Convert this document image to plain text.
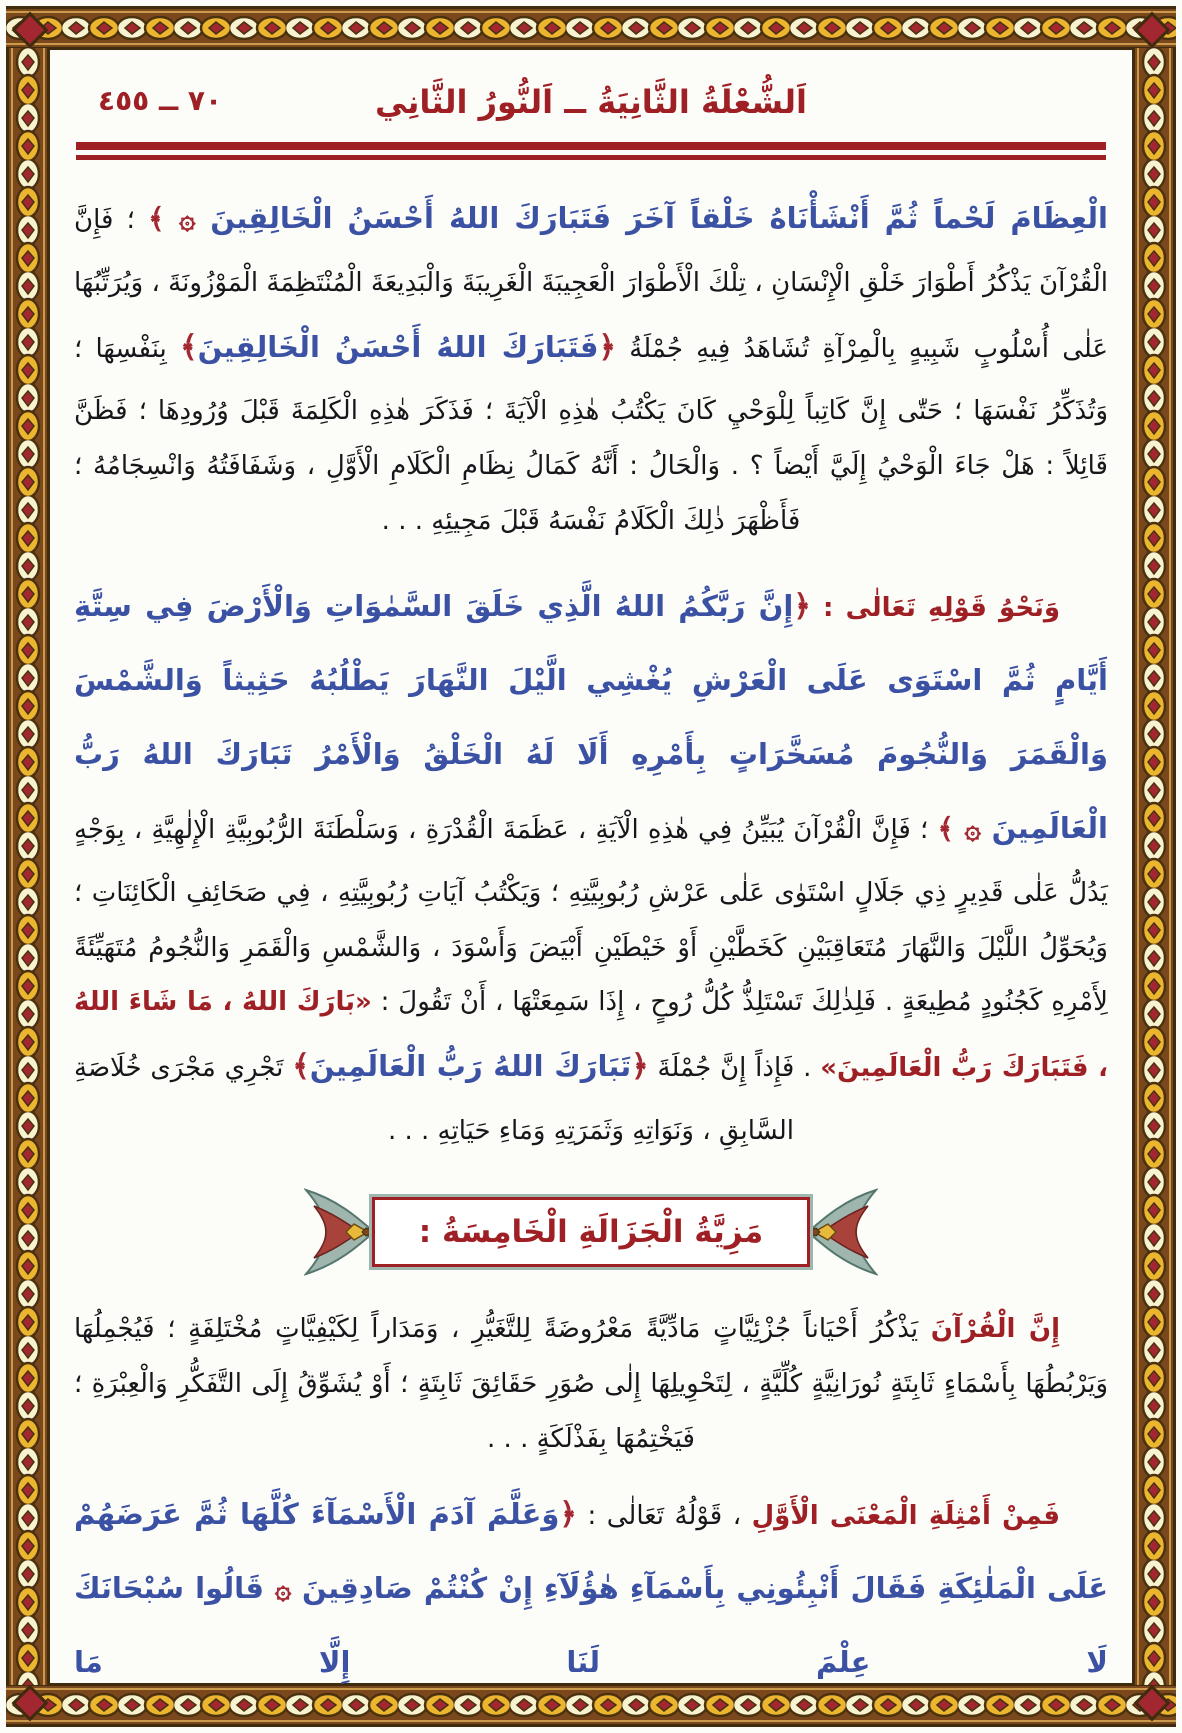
٧٠ ــ ٤٥٥	اَلشُّعْلَةُ الثَّانِيَةُ ــ اَلنُّورُ الثَّانِي

الْعِظَامَ لَحْماً ثُمَّ أَنْشَأْنَاهُ خَلْقاً آخَرَ فَتَبَارَكَ اللهُ أَحْسَنُ الْخَالِقِينَ ۞ ﴾ ؛ فَإِنَّ الْقُرْآنَ يَذْكُرُ أَطْوَارَ خَلْقِ الْإِنْسَانِ ، تِلْكَ الْأَطْوَارَ الْعَجِيبَةَ الْغَرِيبَةَ وَالْبَدِيعَةَ الْمُنْتَظِمَةَ الْمَوْزُونَةَ ، وَيُرَتِّبُهَا عَلٰى أُسْلُوبٍ شَبِيهٍ بِالْمِرْآةِ تُشَاهَدُ فِيهِ جُمْلَةُ ﴿فَتَبَارَكَ اللهُ أَحْسَنُ الْخَالِقِينَ﴾ بِنَفْسِهَا ؛ وَتُذَكِّرُ نَفْسَهَا ؛ حَتّٰى إِنَّ كَاتِباً لِلْوَحْيِ كَانَ يَكْتُبُ هٰذِهِ الْآيَةَ ؛ فَذَكَرَ هٰذِهِ الْكَلِمَةَ قَبْلَ وُرُودِهَا ؛ فَظَنَّ قَائِلاً : هَلْ جَاءَ الْوَحْيُ إِلَيَّ أَيْضاً ؟ . وَالْحَالُ : أَنَّهُ كَمَالُ نِظَامِ الْكَلَامِ الْأَوَّلِ ، وَشَفَافَتُهُ وَانْسِجَامُهُ ؛ فَأَظْهَرَ ذٰلِكَ الْكَلَامُ نَفْسَهُ قَبْلَ مَجِيئِهِ . . .

وَنَحْوُ قَوْلِهِ تَعَالٰى : ﴿إِنَّ رَبَّكُمُ اللهُ الَّذِي خَلَقَ السَّمٰوَاتِ وَالْأَرْضَ فِي سِتَّةِ أَيَّامٍ ثُمَّ اسْتَوَى عَلَى الْعَرْشِ يُغْشِي الَّيْلَ النَّهَارَ يَطْلُبُهُ حَثِيثاً وَالشَّمْسَ وَالْقَمَرَ وَالنُّجُومَ مُسَخَّرَاتٍ بِأَمْرِهِ أَلَا لَهُ الْخَلْقُ وَالْأَمْرُ تَبَارَكَ اللهُ رَبُّ الْعَالَمِينَ ۞ ﴾ ؛ فَإِنَّ الْقُرْآنَ يُبَيِّنُ فِي هٰذِهِ الْآيَةِ ، عَظَمَةَ الْقُدْرَةِ ، وَسَلْطَنَةَ الرُّبُوبِيَّةِ الْإِلٰهِيَّةِ ، بِوَجْهٍ يَدُلُّ عَلٰى قَدِيرٍ ذِي جَلَالٍ اسْتَوٰى عَلٰى عَرْشِ رُبُوبِيَّتِهِ ؛ وَيَكْتُبُ آيَاتِ رُبُوبِيَّتِهِ ، فِي صَحَائِفِ الْكَائِنَاتِ ؛ وَيُحَوِّلُ اللَّيْلَ وَالنَّهَارَ مُتَعَاقِبَيْنِ كَخَطَّيْنِ أَوْ خَيْطَيْنِ أَبْيَضَ وَأَسْوَدَ ، وَالشَّمْسِ وَالْقَمَرِ وَالنُّجُومُ مُتَهَيِّئَةً لِأَمْرِهِ كَجُنُودٍ مُطِيعَةٍ . فَلِذٰلِكَ تَسْتَلِذُّ كُلُّ رُوحٍ ، إِذَا سَمِعَتْهَا ، أَنْ تَقُولَ : «بَارَكَ اللهُ ، مَا شَاءَ اللهُ ، فَتَبَارَكَ رَبُّ الْعَالَمِينَ» . فَإِذاً إِنَّ جُمْلَةَ ﴿تَبَارَكَ اللهُ رَبُّ الْعَالَمِينَ﴾ تَجْرِي مَجْرَى خُلَاصَةِ السَّابِقِ ، وَنَوَاتِهِ وَثَمَرَتِهِ وَمَاءِ حَيَاتِهِ . . .

مَزِيَّةُ الْجَزَالَةِ الْخَامِسَةُ :

إِنَّ الْقُرْآنَ يَذْكُرُ أَحْيَاناً جُزْئِيَّاتٍ مَادِّيَّةً مَعْرُوضَةً لِلتَّغَيُّرِ ، وَمَدَاراً لِكَيْفِيَّاتٍ مُخْتَلِفَةٍ ؛ فَيُجْمِلُهَا وَيَرْبُطُهَا بِأَسْمَاءٍ ثَابِتَةٍ نُورَانِيَّةٍ كُلِّيَّةٍ ، لِتَحْوِيلِهَا إِلٰى صُوَرِ حَقَائِقَ ثَابِتَةٍ ؛ أَوْ يُشَوِّقُ إِلَى التَّفَكُّرِ وَالْعِبْرَةِ ؛ فَيَخْتِمُهَا بِفَذْلَكَةٍ . . .

فَمِنْ أَمْثِلَةِ الْمَعْنَى الْأَوَّلِ ، قَوْلُهُ تَعَالٰى : ﴿وَعَلَّمَ آدَمَ الْأَسْمَآءَ كُلَّهَا ثُمَّ عَرَضَهُمْ عَلَى الْمَلٰئِكَةِ فَقَالَ أَنْبِئُونِي بِأَسْمَآءِ هٰؤُلَآءِ إِنْ كُنْتُمْ صَادِقِينَ ۞ قَالُوا سُبْحَانَكَ لَا عِلْمَ لَنَا إِلَّا مَا
